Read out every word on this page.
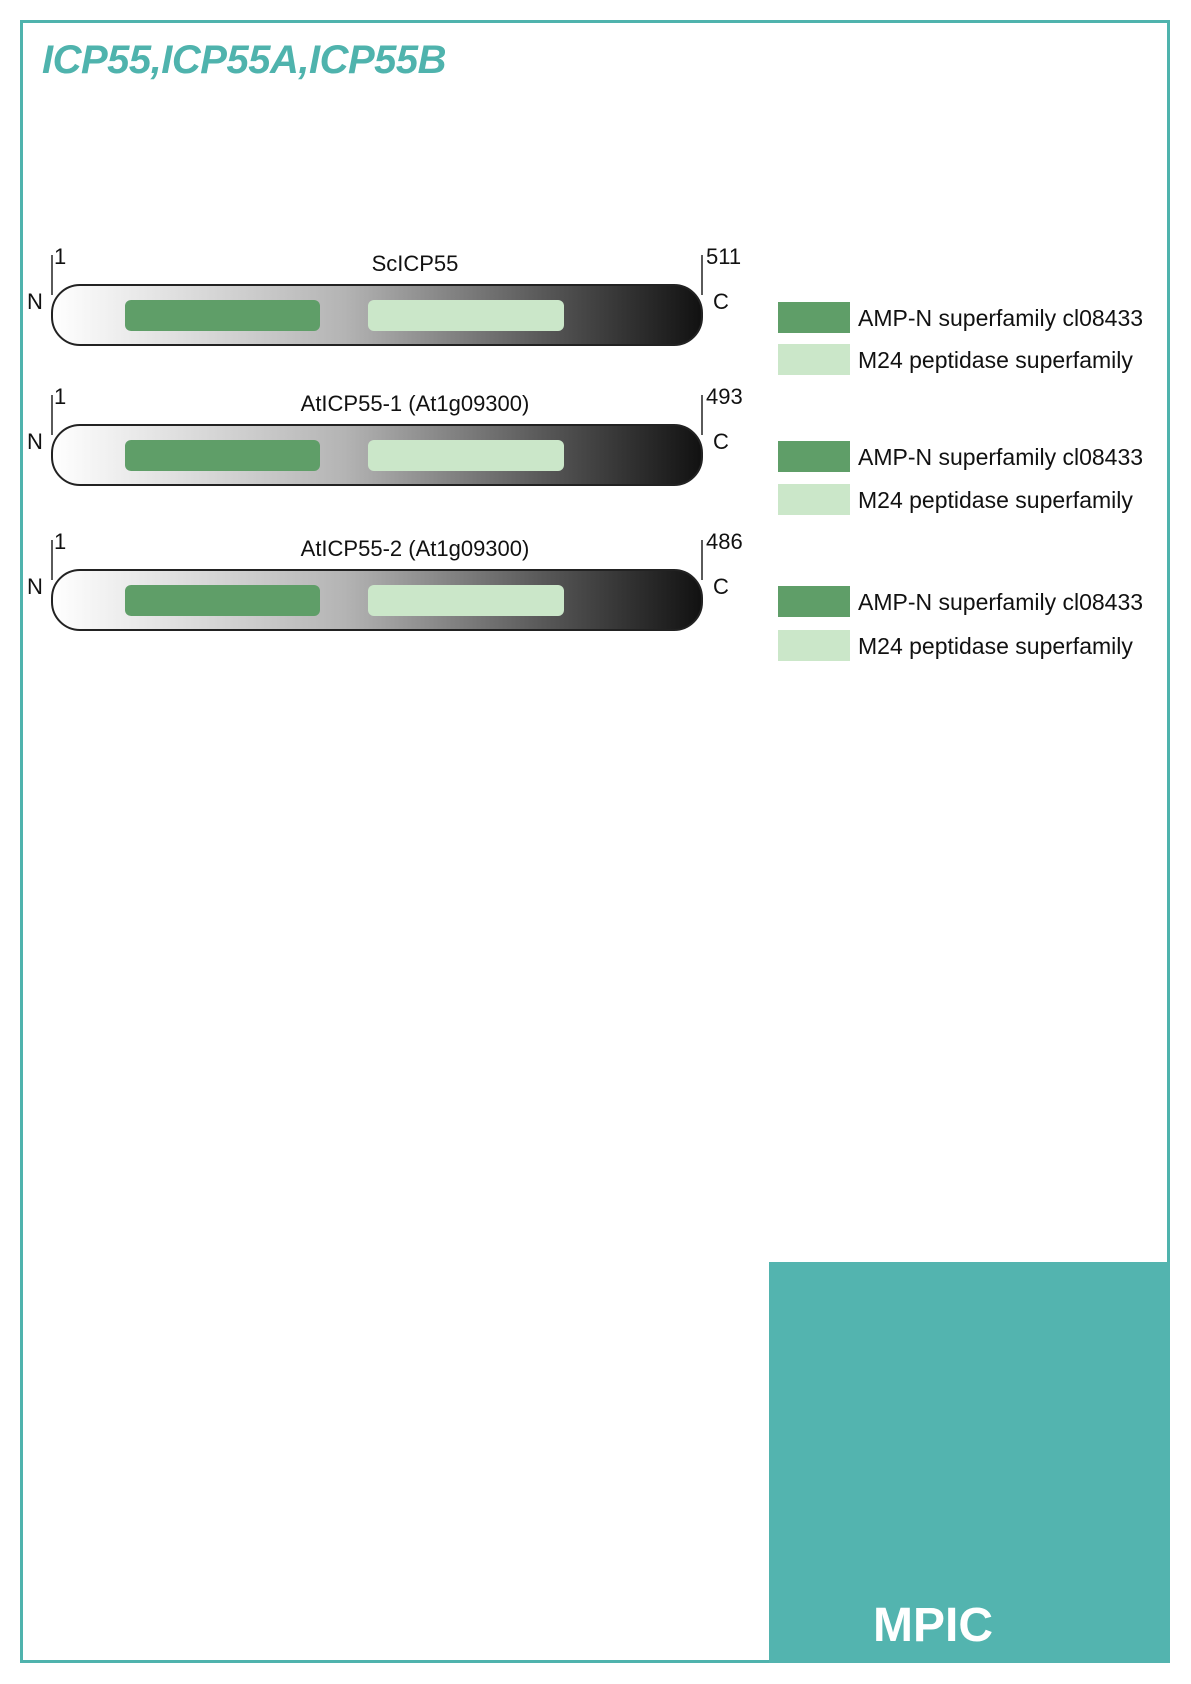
ICP55,ICP55A,ICP55B
1	511
ScICP55
N	C
AMP-N superfamily cl08433
M24 peptidase superfamily
1	493
AtICP55-1 (At1g09300)
N	C
AMP-N superfamily cl08433
M24 peptidase superfamily
1	486
AtICP55-2 (At1g09300)
N	C
AMP-N superfamily cl08433
M24 peptidase superfamily
MPIC
